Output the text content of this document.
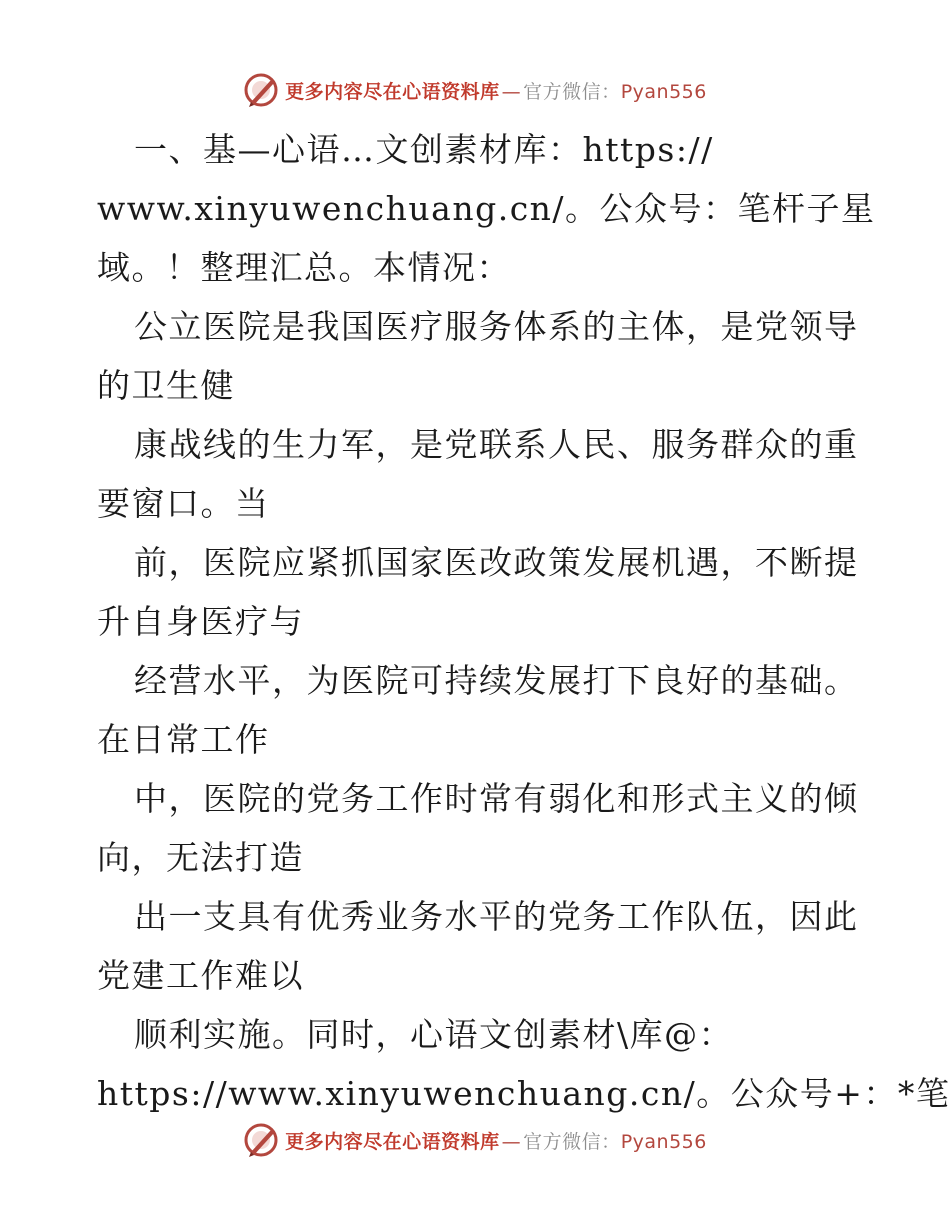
更多内容尽在心语资料库 — 官方微信：Pyan556
一、基—心语…文创素材库：https://
www.xinyuwenchuang.cn/。公众号：笔杆子星
域。！整理汇总。本情况：
公立医院是我国医疗服务体系的主体，是党领导
的卫生健
康战线的生力军，是党联系人民、服务群众的重
要窗口。当
前，医院应紧抓国家医改政策发展机遇，不断提
升自身医疗与
经营水平，为医院可持续发展打下良好的基础。
在日常工作
中，医院的党务工作时常有弱化和形式主义的倾
向，无法打造
出一支具有优秀业务水平的党务工作队伍，因此
党建工作难以
顺利实施。同时，心语文创素材\库@：
https://www.xinyuwenchuang.cn/。公众号+：*笔
更多内容尽在心语资料库 — 官方微信：Pyan556
